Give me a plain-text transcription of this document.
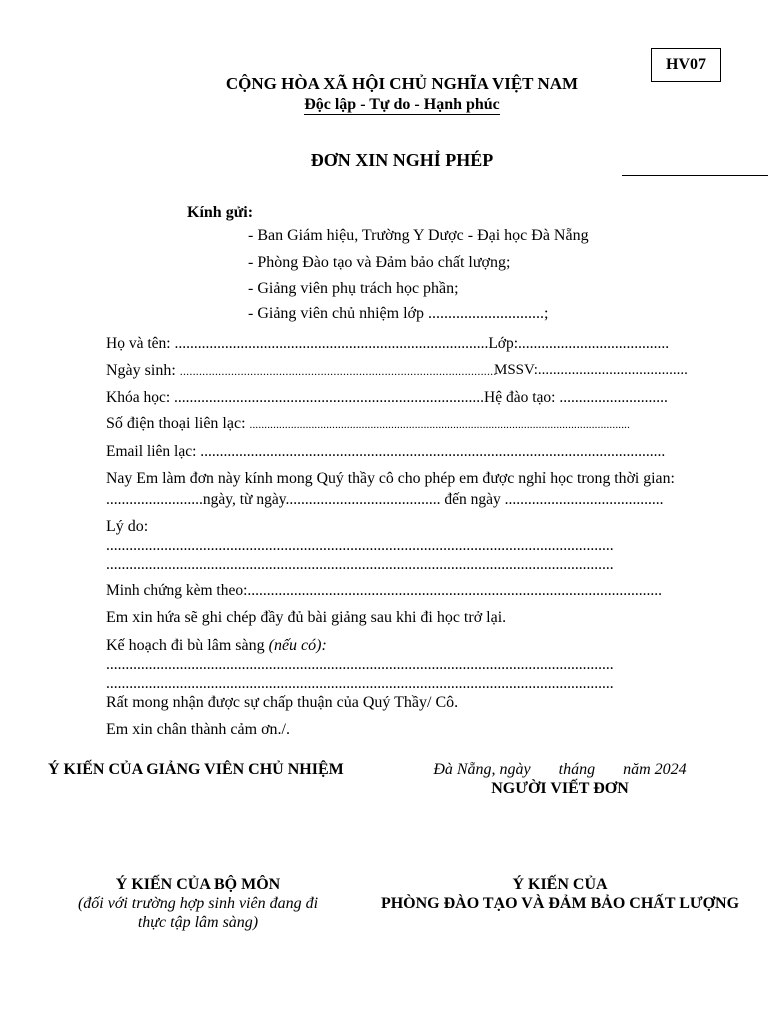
HV07
CỘNG HÒA XÃ HỘI CHỦ NGHĨA VIỆT NAM
Độc lập - Tự do - Hạnh phúc
ĐƠN XIN NGHỈ PHÉP
Kính gửi:
- Ban Giám hiệu, Trường Y Dược - Đại học Đà Nẵng
- Phòng Đào tạo và Đảm bảo chất lượng;
- Giảng viên phụ trách học phần;
- Giảng viên chủ nhiệm lớp .............................;
Họ và tên: .................................................................................Lớp:.......................................
Ngày sinh: ...................................................................................................
MSSV:........................................
Khóa học: ................................................................................Hệ đào tạo: ............................
Số điện thoại liên lạc: .................................................................................................................................
Email liên lạc: ........................................................................................................................
Nay Em làm đơn này kính mong Quý thầy cô cho phép em được nghỉ học trong thời gian:
.........................ngày, từ ngày........................................ đến ngày .........................................
Lý do:
...................................................................................................................................
...................................................................................................................................
Minh chứng kèm theo:...........................................................................................................
Em xin hứa sẽ ghi chép đầy đủ bài giảng sau khi đi học trở lại.
Kế hoạch đi bù lâm sàng (nếu có):
...................................................................................................................................
...................................................................................................................................
Rất mong nhận được sự chấp thuận của Quý Thầy/ Cô.
Em xin chân thành cảm ơn./.
Ý KIẾN CỦA GIẢNG VIÊN CHỦ NHIỆM	Đà Nẵng, ngày       tháng       năm 2024
NGƯỜI VIẾT ĐƠN
Ý KIẾN CỦA BỘ MÔN
(đối với trường hợp sinh viên đang đi
thực tập lâm sàng)
Ý KIẾN CỦA
PHÒNG ĐÀO TẠO VÀ ĐẢM BẢO CHẤT LƯỢNG
